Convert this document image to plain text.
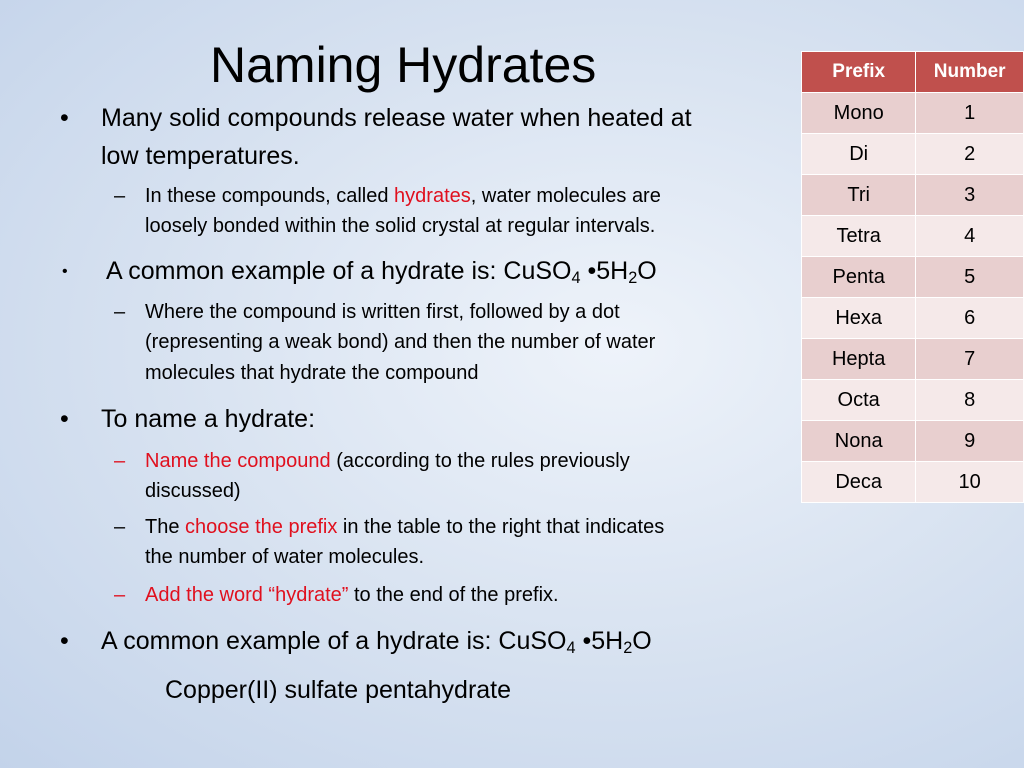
Naming Hydrates
• Many solid compounds release water when heated at
low temperatures.
– In these compounds, called hydrates, water molecules are
loosely bonded within the solid crystal at regular intervals.
• A common example of a hydrate is: CuSO$_4$ $•5H_2O$
– Where the compound is written first, followed by a dot
(representing a weak bond) and then the number of water
molecules that hydrate the compound
• To name a hydrate:
– Name the compound (according to the rules previously
discussed)
– The choose the prefix in the table to the right that indicates
the number of water molecules.
– Add the word “hydrate” to the end of the prefix.
• A common example of a hydrate is: CuSO$_4$ $•5H_2O$
Copper(II) sulfate pentahydrate
Prefix	Number
Mono	1
Di	2
Tri	3
Tetra	4
Penta	5
Hexa	6
Hepta	7
Octa	8
Nona	9
Deca	10
